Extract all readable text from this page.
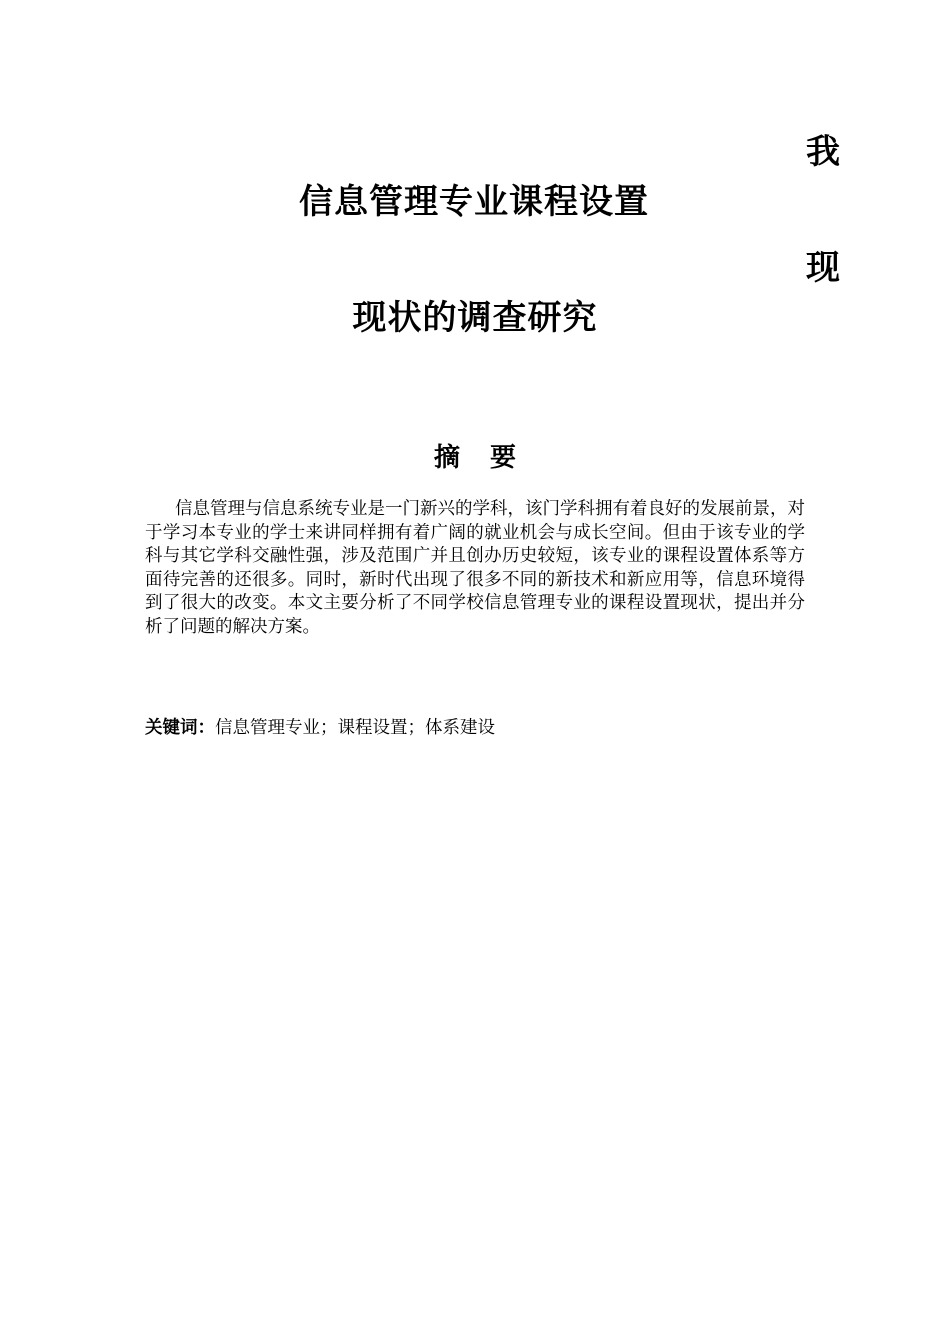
我
现
信息管理专业课程设置
现状的调查研究
摘 要

信息管理与信息系统专业是一门新兴的学科，该门学科拥有着良好的发展前景，对于学习本专业的学士来讲同样拥有着广阔的就业机会与成长空间。但由于该专业的学科与其它学科交融性强，涉及范围广并且创办历史较短，该专业的课程设置体系等方面待完善的还很多。同时，新时代出现了很多不同的新技术和新应用等，信息环境得到了很大的改变。本文主要分析了不同学校信息管理专业的课程设置现状，提出并分析了问题的解决方案。

关键词：信息管理专业；课程设置；体系建设
